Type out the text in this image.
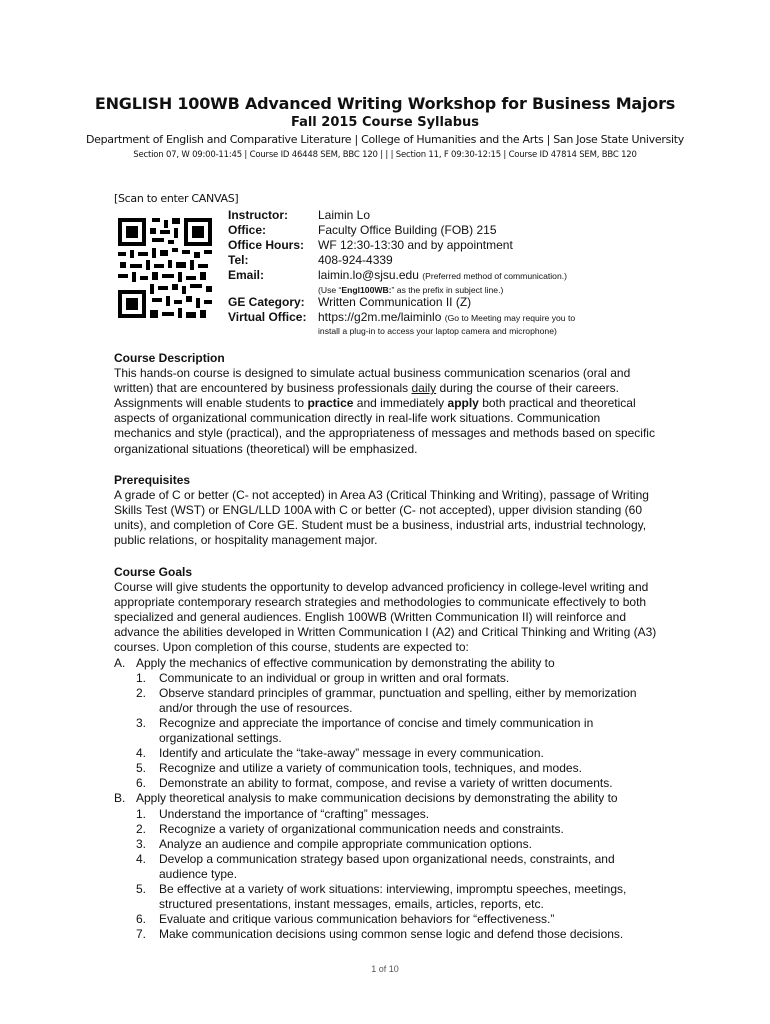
ENGLISH 100WB Advanced Writing Workshop for Business Majors
Fall 2015 Course Syllabus
Department of English and Comparative Literature | College of Humanities and the Arts | San Jose State University
Section 07, W 09:00-11:45 | Course ID 46448 SEM, BBC 120 | | | Section 11, F 09:30-12:15 | Course ID 47814 SEM, BBC 120
[Scan to enter CANVAS]
Instructor:	Laimin Lo
Office:	Faculty Office Building (FOB) 215
Office Hours: WF 12:30-13:30 and by appointment
Tel:	408-924-4339
Email:	laimin.lo@sjsu.edu (Preferred method of communication.)
(Use “Engl100WB:” as the prefix in subject line.)
GE Category: Written Communication II (Z)
Virtual Office: https://g2m.me/laiminlo (Go to Meeting may require you to
install a plug-in to access your laptop camera and microphone)
Course Description

This hands-on course is designed to simulate actual business communication scenarios (oral and written) that are encountered by business professionals daily during the course of their careers. Assignments will enable students to practice and immediately apply both practical and theoretical aspects of organizational communication directly in real-life work situations. Communication mechanics and style (practical), and the appropriateness of messages and methods based on specific organizational situations (theoretical) will be emphasized.

Prerequisites

A grade of C or better (C- not accepted) in Area A3 (Critical Thinking and Writing), passage of Writing Skills Test (WST) or ENGL/LLD 100A with C or better (C- not accepted), upper division standing (60 units), and completion of Core GE. Student must be a business, industrial arts, industrial technology, public relations, or hospitality management major.

Course Goals

Course will give students the opportunity to develop advanced proficiency in college-level writing and appropriate contemporary research strategies and methodologies to communicate effectively to both specialized and general audiences. English 100WB (Written Communication II) will reinforce and advance the abilities developed in Written Communication I (A2) and Critical Thinking and Writing (A3) courses. Upon completion of this course, students are expected to:

A. Apply the mechanics of effective communication by demonstrating the ability to
1.	Communicate to an individual or group in written and oral formats.
2.	Observe standard principles of grammar, punctuation and spelling, either by memorization and/or through the use of resources.
3.	Recognize and appreciate the importance of concise and timely communication in organizational settings.
4.	Identify and articulate the “take-away” message in every communication.
5.	Recognize and utilize a variety of communication tools, techniques, and modes.
6.	Demonstrate an ability to format, compose, and revise a variety of written documents.
B. Apply theoretical analysis to make communication decisions by demonstrating the ability to
1.	Understand the importance of “crafting” messages.
2.	Recognize a variety of organizational communication needs and constraints.
3.	Analyze an audience and compile appropriate communication options.
4.	Develop a communication strategy based upon organizational needs, constraints, and audience type.
5.	Be effective at a variety of work situations: interviewing, impromptu speeches, meetings, structured presentations, instant messages, emails, articles, reports, etc.
6.	Evaluate and critique various communication behaviors for “effectiveness.”
7.	Make communication decisions using common sense logic and defend those decisions.
1 of 10
